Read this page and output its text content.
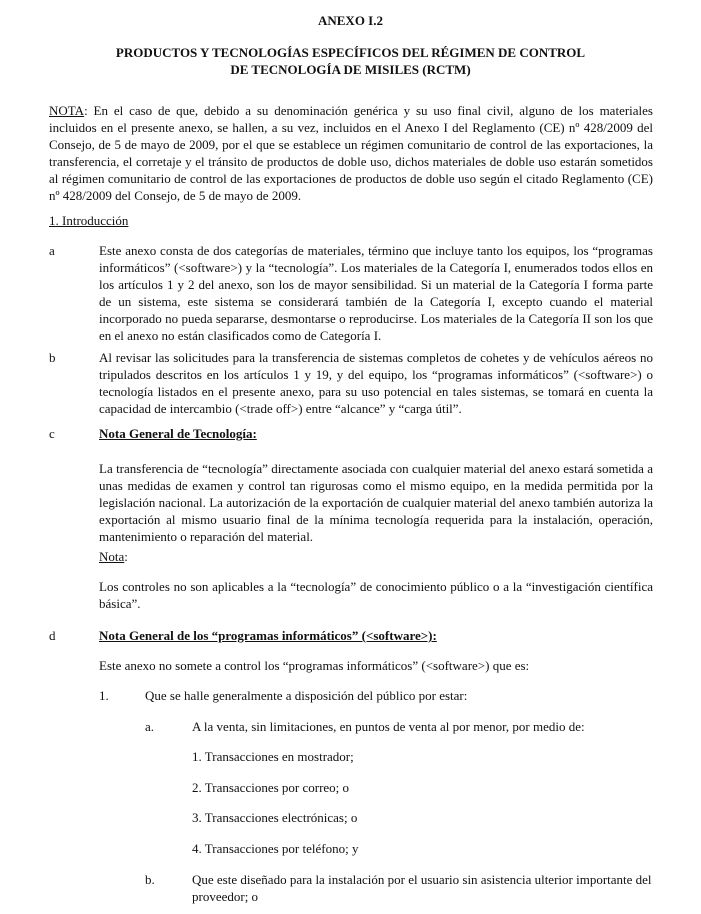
ANEXO I.2
PRODUCTOS Y TECNOLOGÍAS ESPECÍFICOS DEL RÉGIMEN DE CONTROL
DE TECNOLOGÍA DE MISILES (RCTM)

NOTA: En el caso de que, debido a su denominación genérica y su uso final civil, alguno de los materiales incluidos en el presente anexo, se hallen, a su vez, incluidos en el Anexo I del Reglamento (CE) nº 428/2009 del Consejo, de 5 de mayo de 2009, por el que se establece un régimen comunitario de control de las exportaciones, la transferencia, el corretaje y el tránsito de productos de doble uso, dichos materiales de doble uso estarán sometidos al régimen comunitario de control de las exportaciones de productos de doble uso según el citado Reglamento (CE) nº 428/2009 del Consejo, de 5 de mayo de 2009.

1. Introducción
a	Este anexo consta de dos categorías de materiales, término que incluye tanto los equipos, los “programas informáticos” (<software>) y la “tecnología”. Los materiales de la Categoría I, enumerados todos ellos en los artículos 1 y 2 del anexo, son los de mayor sensibilidad. Si un material de la Categoría I forma parte de un sistema, este sistema se considerará también de la Categoría I, excepto cuando el material incorporado no pueda separarse, desmontarse o reproducirse. Los materiales de la Categoría II son los que en el anexo no están clasificados como de Categoría I.

b	Al revisar las solicitudes para la transferencia de sistemas completos de cohetes y de vehículos aéreos no tripulados descritos en los artículos 1 y 19, y del equipo, los “programas informáticos” (<software>) o tecnología listados en el presente anexo, para su uso potencial en tales sistemas, se tomará en cuenta la capacidad de intercambio (<trade off>) entre “alcance” y “carga útil”.

c	Nota General de Tecnología:

La transferencia de “tecnología” directamente asociada con cualquier material del anexo estará sometida a unas medidas de examen y control tan rigurosas como el mismo equipo, en la medida permitida por la legislación nacional. La autorización de la exportación de cualquier material del anexo también autoriza la exportación al mismo usuario final de la mínima tecnología requerida para la instalación, operación, mantenimiento o reparación del material.

Nota:

Los controles no son aplicables a la “tecnología” de conocimiento público o a la “investigación científica básica”.

d	Nota General de los “programas informáticos” (<software>):
Este anexo no somete a control los “programas informáticos” (<software>) que es:
1.	Que se halle generalmente a disposición del público por estar:
a.	A la venta, sin limitaciones, en puntos de venta al por menor, por medio de:
1. Transacciones en mostrador;
2. Transacciones por correo; o
3. Transacciones electrónicas; o
4. Transacciones por teléfono; y
b.	Que este diseñado para la instalación por el usuario sin asistencia ulterior importante del proveedor; o
